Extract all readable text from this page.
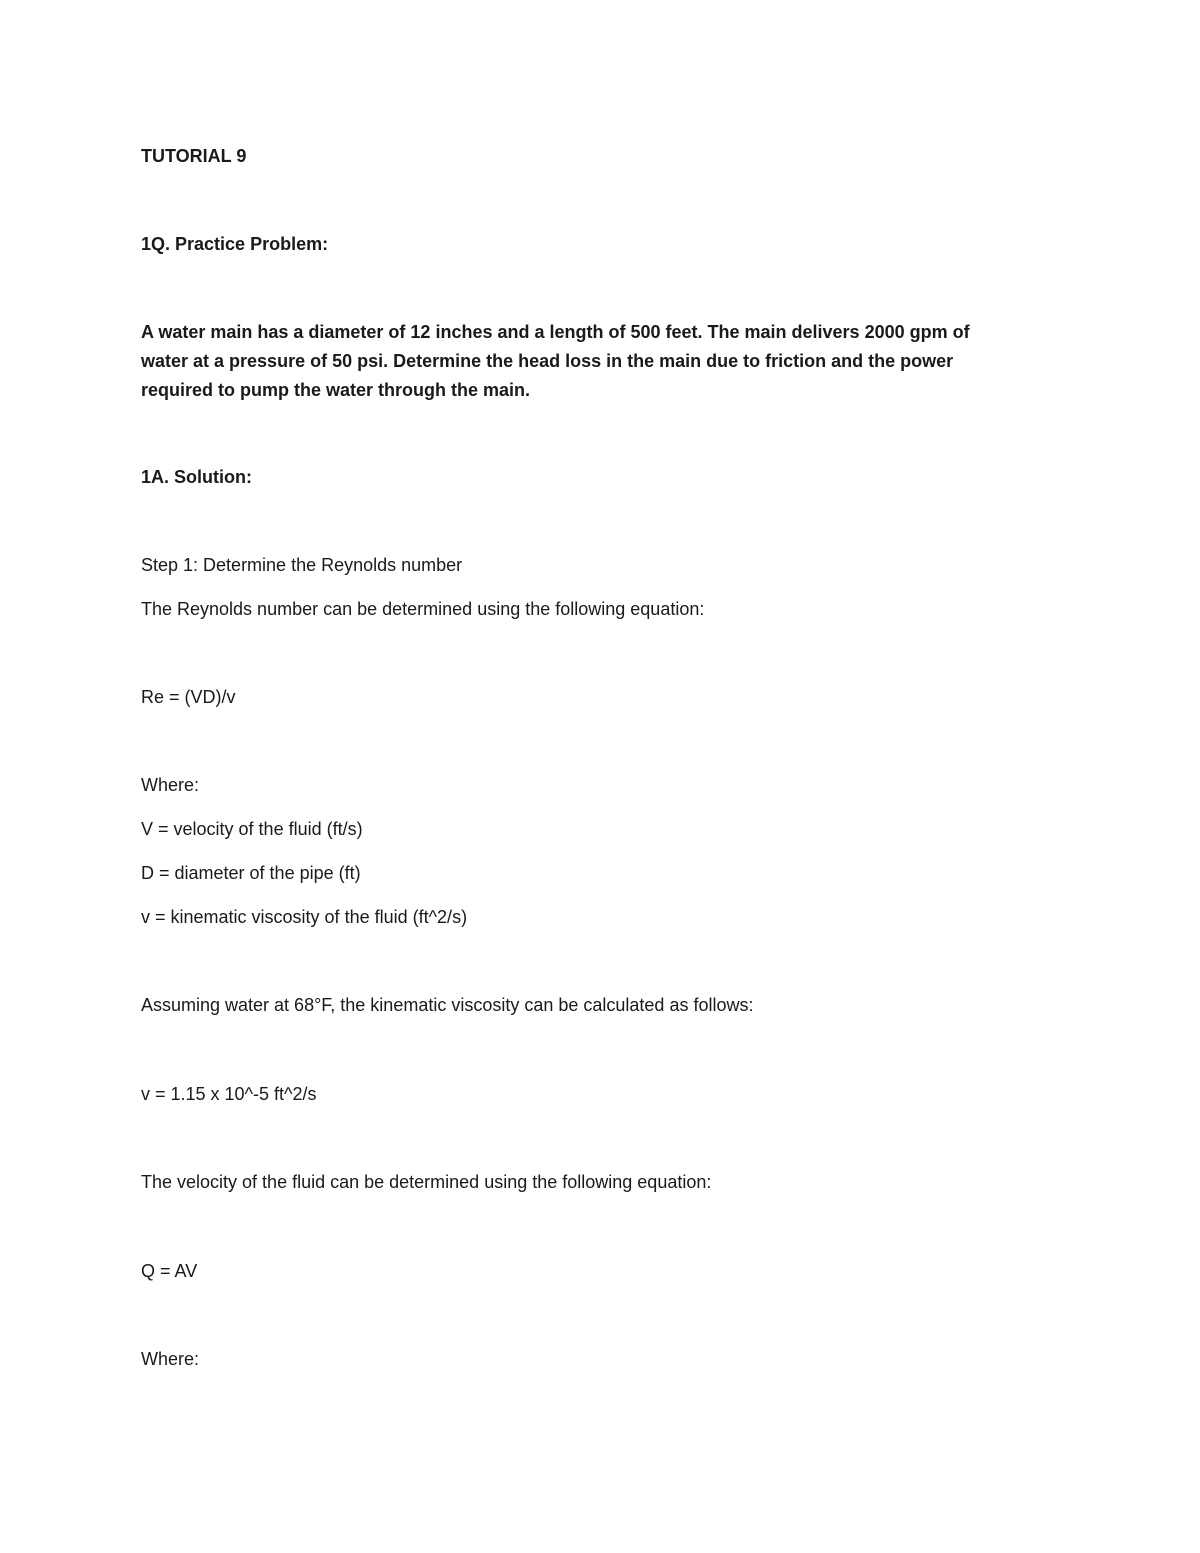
TUTORIAL 9

1Q. Practice Problem:

A water main has a diameter of 12 inches and a length of 500 feet. The main delivers 2000 gpm of
water at a pressure of 50 psi. Determine the head loss in the main due to friction and the power
required to pump the water through the main.

1A. Solution:

Step 1: Determine the Reynolds number

The Reynolds number can be determined using the following equation:

Re = (VD)/v

Where:

V = velocity of the fluid (ft/s)

D = diameter of the pipe (ft)

v = kinematic viscosity of the fluid (ft^2/s)

Assuming water at 68°F, the kinematic viscosity can be calculated as follows:

v = 1.15 x 10^-5 ft^2/s

The velocity of the fluid can be determined using the following equation:

Q = AV

Where:
